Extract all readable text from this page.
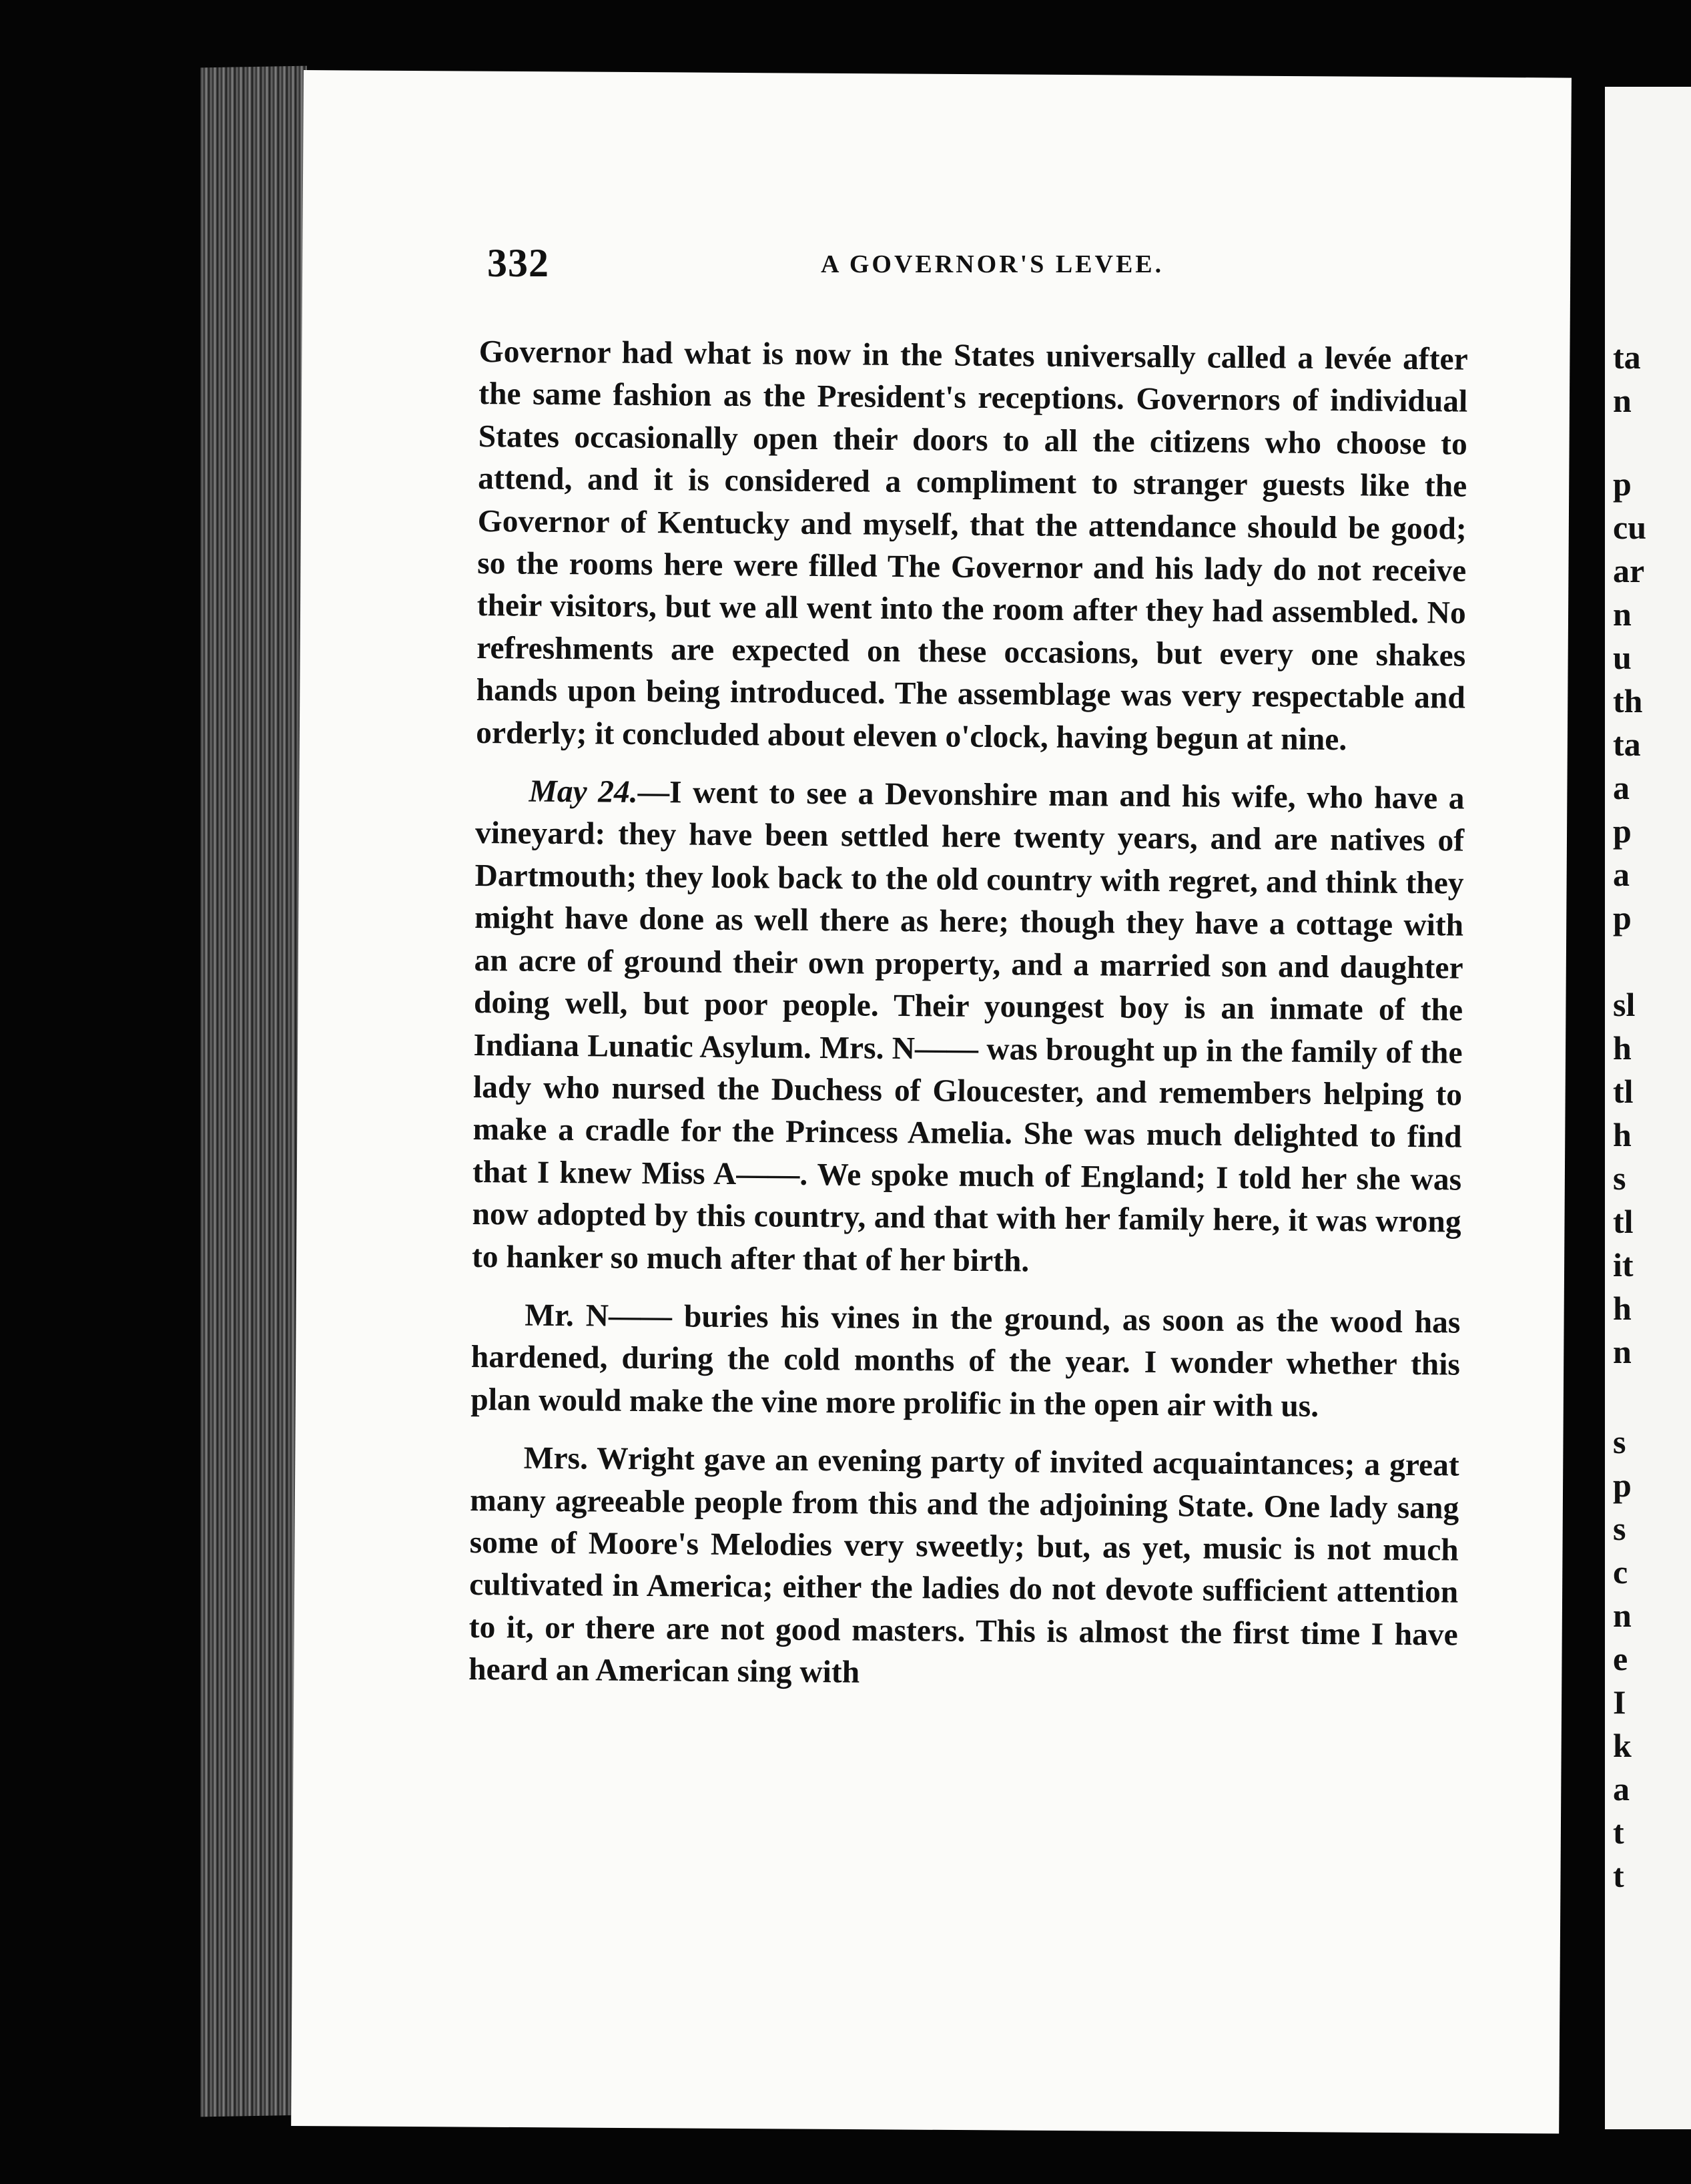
332	A GOVERNOR'S LEVEE.

Governor had what is now in the States universally called a levée after the same fashion as the President's receptions. Governors of individual States occasionally open their doors to all the citizens who choose to attend, and it is considered a compliment to stranger guests like the Governor of Kentucky and myself, that the attendance should be good; so the rooms here were filled The Governor and his lady do not receive their visitors, but we all went into the room after they had assembled. No refreshments are expected on these occasions, but every one shakes hands upon being introduced. The assemblage was very respectable and orderly; it concluded about eleven o'clock, having begun at nine.

May 24.—I went to see a Devonshire man and his wife, who have a vineyard: they have been settled here twenty years, and are natives of Dartmouth; they look back to the old country with regret, and think they might have done as well there as here; though they have a cottage with an acre of ground their own property, and a married son and daughter doing well, but poor people. Their youngest boy is an inmate of the Indiana Lunatic Asylum. Mrs. N—— was brought up in the family of the lady who nursed the Duchess of Gloucester, and remembers helping to make a cradle for the Princess Amelia. She was much delighted to find that I knew Miss A——. We spoke much of England; I told her she was now adopted by this country, and that with her family here, it was wrong to hanker so much after that of her birth.

Mr. N—— buries his vines in the ground, as soon as the wood has hardened, during the cold months of the year. I wonder whether this plan would make the vine more prolific in the open air with us.

Mrs. Wright gave an evening party of invited acquaintances; a great many agreeable people from this and the adjoining State. One lady sang some of Moore's Melodies very sweetly; but, as yet, music is not much cultivated in America; either the ladies do not devote sufficient attention to it, or there are not good masters. This is almost the first time I have heard an American sing with

ta
n
p
cu
ar
n
u
th
ta
a
p
a
p
sl
h
tl
h
s
tl
it
h
n
s
p
s
c
n
e
I
k
a
t
t
